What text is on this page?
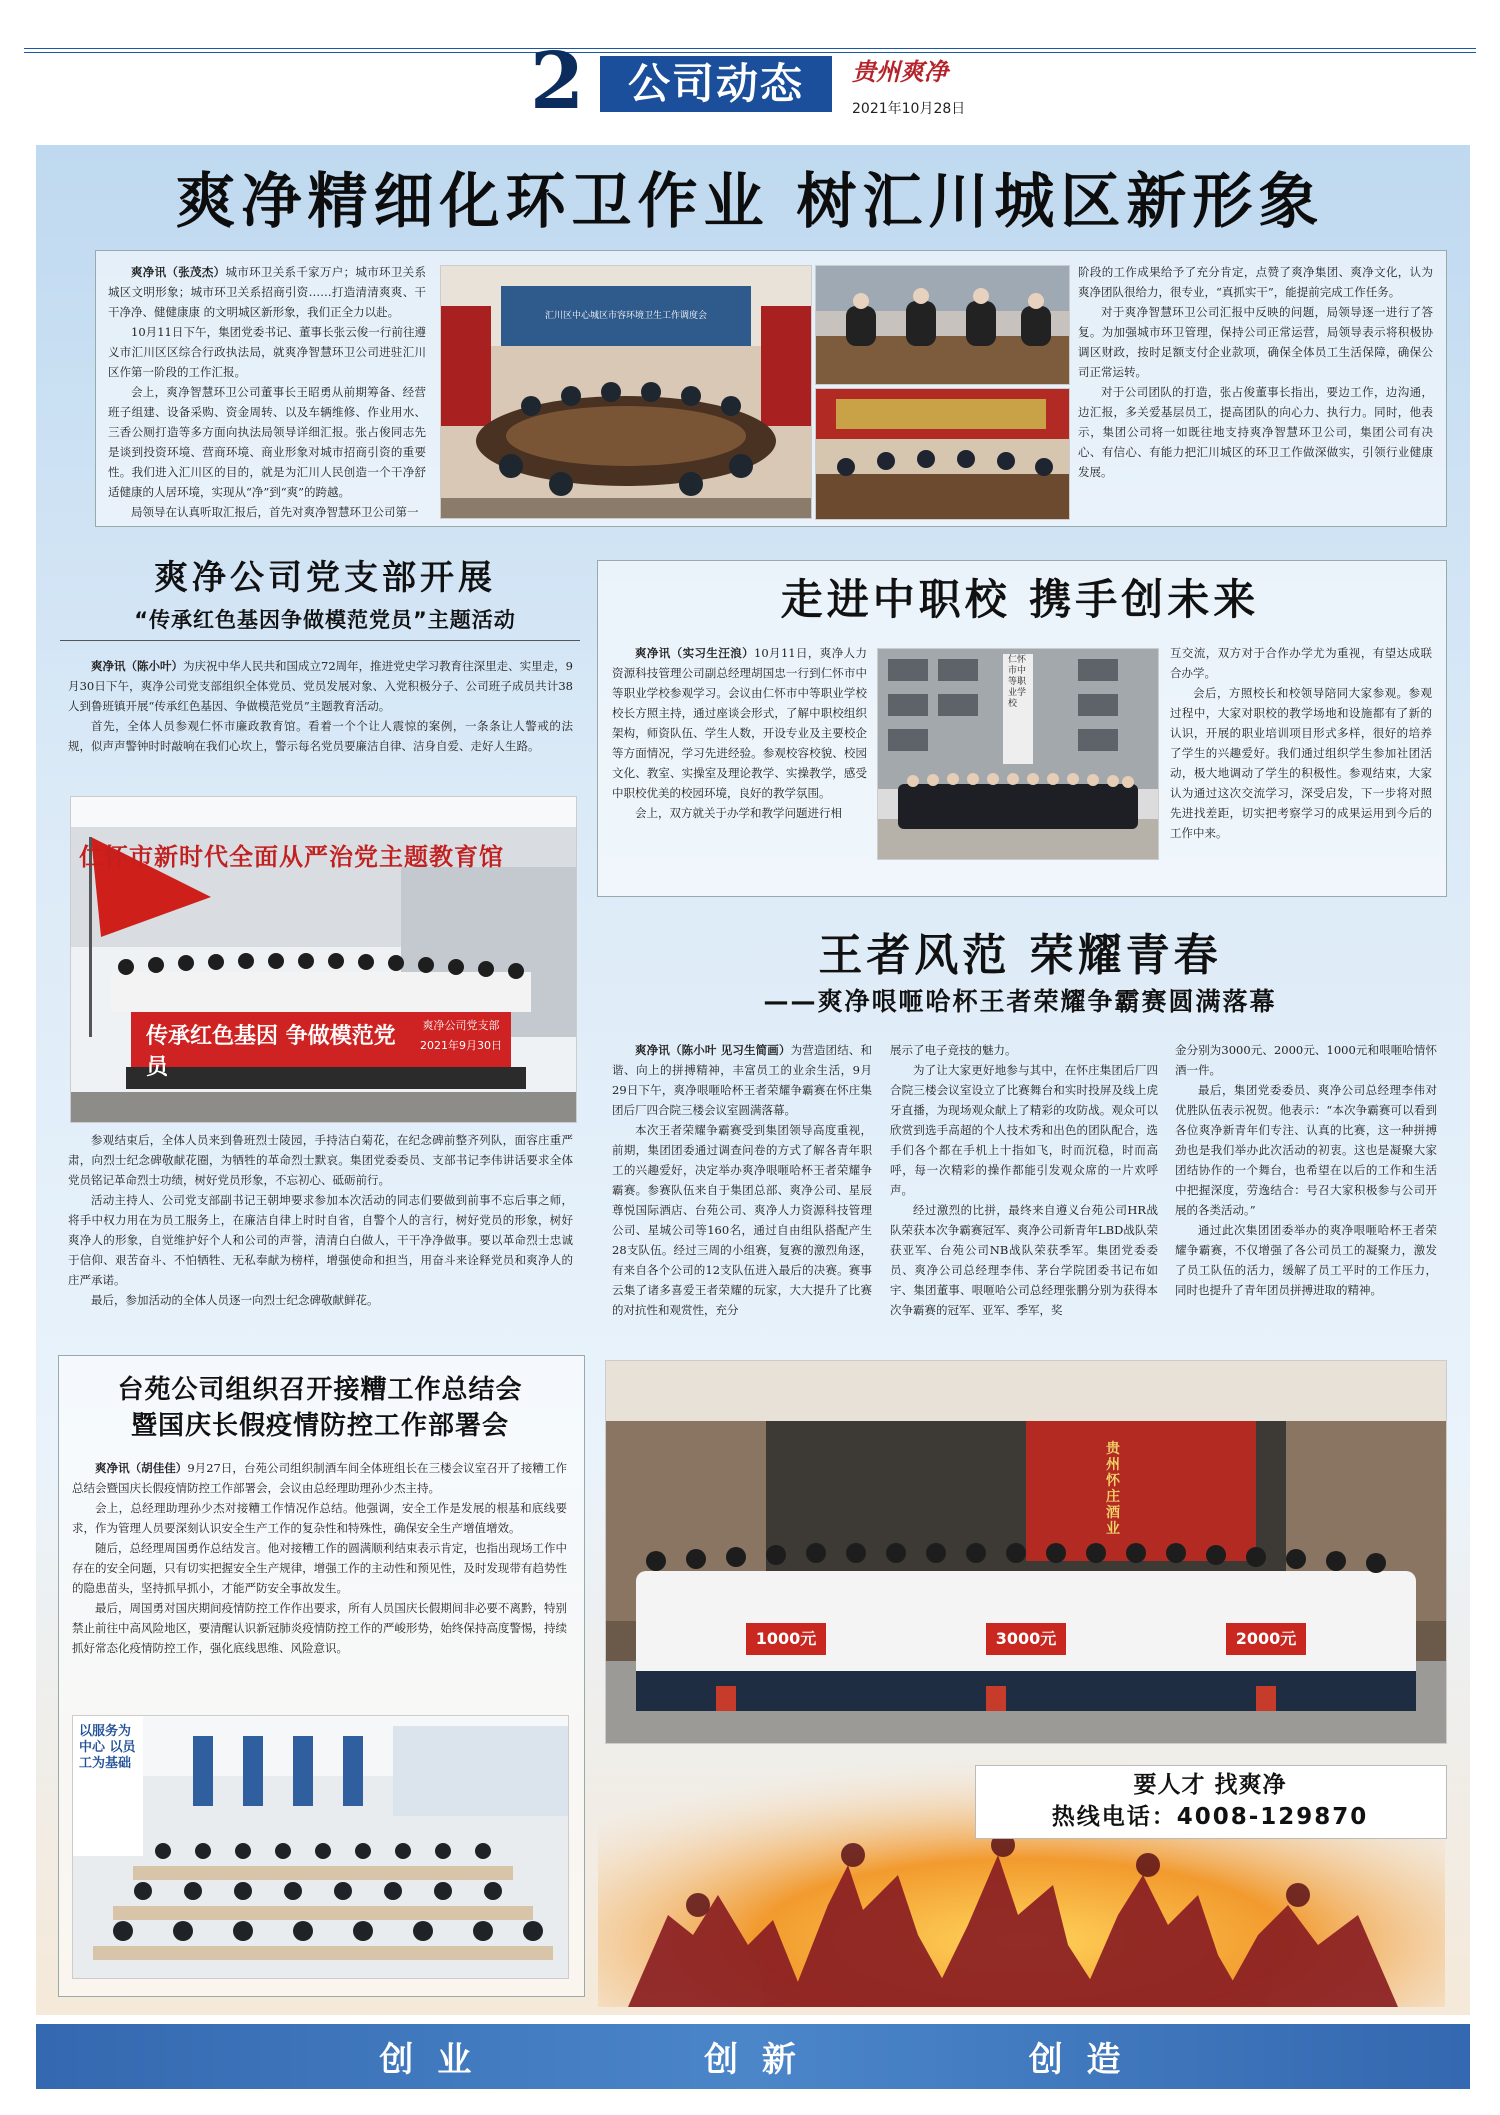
2	公司动态	贵州爽净
2021年10月28日
爽净精细化环卫作业 树汇川城区新形象

爽净讯（张茂杰）城市环卫关系千家万户；城市环卫关系城区文明形象；城市环卫关系招商引资……打造清清爽爽、干干净净、健健康康 的文明城区新形象，我们正全力以赴。

10月11日下午，集团党委书记、董事长张云俊一行前往遵义市汇川区区综合行政执法局，就爽净智慧环卫公司进驻汇川区作第一阶段的工作汇报。

会上，爽净智慧环卫公司董事长王昭勇从前期筹备、经营班子组建、设备采购、资金周转、以及车辆维修、作业用水、三香公厕打造等多方面向执法局领导详细汇报。张占俊同志先是谈到投资环境、营商环境、商业形象对城市招商引资的重要性。我们进入汇川区的目的，就是为汇川人民创造一个干净舒适健康的人居环境，实现从“净”到“爽”的跨越。

局领导在认真听取汇报后，首先对爽净智慧环卫公司第一

汇川区中心城区市容环境卫生工作调度会

阶段的工作成果给予了充分肯定，点赞了爽净集团、爽净文化，认为爽净团队很给力，很专业，“真抓实干”，能提前完成工作任务。

对于爽净智慧环卫公司汇报中反映的问题，局领导逐一进行了答复。为加强城市环卫管理，保持公司正常运营，局领导表示将积极协调区财政，按时足额支付企业款项，确保全体员工生活保障，确保公司正常运转。

对于公司团队的打造，张占俊董事长指出，要边工作，边沟通，边汇报，多关爱基层员工，提高团队的向心力、执行力。同时，他表示，集团公司将一如既往地支持爽净智慧环卫公司，集团公司有决心、有信心、有能力把汇川城区的环卫工作做深做实，引领行业健康发展。

爽净公司党支部开展
“传承红色基因争做模范党员”主题活动

爽净讯（陈小叶）为庆祝中华人民共和国成立72周年，推进党史学习教育往深里走、实里走，9月30日下午，爽净公司党支部组织全体党员、党员发展对象、入党积极分子、公司班子成员共计38人到鲁班镇开展“传承红色基因、争做模范党员”主题教育活动。

首先，全体人员参观仁怀市廉政教育馆。看着一个个让人震惊的案例，一条条让人警戒的法规，似声声警钟时时敲响在我们心坎上，警示每名党员要廉洁自律、洁身自爱、走好人生路。

仁怀市新时代全面从严治党主题教育馆
传承红色基因 争做模范党员
爽净公司党支部
2021年9月30日

参观结束后，全体人员来到鲁班烈士陵园，手持洁白菊花，在纪念碑前整齐列队，面容庄重严肃，向烈士纪念碑敬献花圈，为牺牲的革命烈士默哀。集团党委委员、支部书记李伟讲话要求全体党员铭记革命烈士功绩，树好党员形象，不忘初心、砥砺前行。

活动主持人、公司党支部副书记王朝坤要求参加本次活动的同志们要做到前事不忘后事之师，将手中权力用在为员工服务上，在廉洁自律上时时自省，自警个人的言行，树好党员的形象，树好爽净人的形象，自觉维护好个人和公司的声誉，清清白白做人，干干净净做事。要以革命烈士忠诚于信仰、艰苦奋斗、不怕牺牲、无私奉献为榜样，增强使命和担当，用奋斗来诠释党员和爽净人的庄严承诺。

最后，参加活动的全体人员逐一向烈士纪念碑敬献鲜花。

走进中职校 携手创未来

爽净讯（实习生汪浪）10月11日，爽净人力资源科技管理公司副总经理胡国忠一行到仁怀市中等职业学校参观学习。会议由仁怀市中等职业学校校长方照主持，通过座谈会形式，了解中职校组织架构，师资队伍、学生人数，开设专业及主要校企等方面情况，学习先进经验。参观校容校貌、校园文化、教室、实操室及理论教学、实操教学，感受中职校优美的校园环境，良好的教学氛围。

会上，双方就关于办学和教学问题进行相

仁怀市中等职业学校

互交流，双方对于合作办学尤为重视，有望达成联合办学。

会后，方照校长和校领导陪同大家参观。参观过程中，大家对职校的教学场地和设施都有了新的认识，开展的职业培训项目形式多样，很好的培养了学生的兴趣爱好。我们通过组织学生参加社团活动，极大地调动了学生的积极性。参观结束，大家认为通过这次交流学习，深受启发，下一步将对照先进找差距，切实把考察学习的成果运用到今后的工作中来。

王者风范 荣耀青春
——爽净哏咂哈杯王者荣耀争霸赛圆满落幕

爽净讯（陈小叶 见习生简画）为营造团结、和谐、向上的拼搏精神，丰富员工的业余生活，9月29日下午，爽净哏咂哈杯王者荣耀争霸赛在怀庄集团后厂四合院三楼会议室圆满落幕。

本次王者荣耀争霸赛受到集团领导高度重视，前期，集团团委通过调查问卷的方式了解各青年职工的兴趣爱好，决定举办爽净哏咂哈杯王者荣耀争霸赛。参赛队伍来自于集团总部、爽净公司、星辰尊悦国际酒店、台苑公司、爽净人力资源科技管理公司、星城公司等160名，通过自由组队搭配产生28支队伍。经过三周的小组赛，复赛的激烈角逐，有来自各个公司的12支队伍进入最后的决赛。赛事云集了诸多喜爱王者荣耀的玩家，大大提升了比赛的对抗性和观赏性，充分

展示了电子竞技的魅力。

为了让大家更好地参与其中，在怀庄集团后厂四合院三楼会议室设立了比赛舞台和实时投屏及线上虎牙直播，为现场观众献上了精彩的攻防战。观众可以欣赏到选手高超的个人技术秀和出色的团队配合，选手们各个都在手机上十指如飞，时而沉稳，时而高呼，每一次精彩的操作都能引发观众席的一片欢呼声。

经过激烈的比拼，最终来自遵义台苑公司HR战队荣获本次争霸赛冠军、爽净公司新青年LBD战队荣获亚军、台苑公司NB战队荣获季军。集团党委委员、爽净公司总经理李伟、茅台学院团委书记布如宇、集团董事、哏咂哈公司总经理张鹏分别为获得本次争霸赛的冠军、亚军、季军，奖

金分别为3000元、2000元、1000元和哏咂哈情怀酒一件。

最后，集团党委委员、爽净公司总经理李伟对优胜队伍表示祝贺。他表示：“本次争霸赛可以看到各位爽净新青年们专注、认真的比赛，这一种拼搏劲也是我们举办此次活动的初衷。这也是凝聚大家团结协作的一个舞台，也希望在以后的工作和生活中把握深度，劳逸结合：号召大家积极参与公司开展的各类活动。”

通过此次集团团委举办的爽净哏咂哈杯王者荣耀争霸赛，不仅增强了各公司员工的凝聚力，激发了员工队伍的活力，缓解了员工平时的工作压力，同时也提升了青年团员拼搏进取的精神。

贵州怀庄酒业
1000元	3000元	2000元
台苑公司组织召开接糟工作总结会
暨国庆长假疫情防控工作部署会

爽净讯（胡佳佳）9月27日，台苑公司组织制酒车间全体班组长在三楼会议室召开了接糟工作总结会暨国庆长假疫情防控工作部署会，会议由总经理助理孙少杰主持。

会上，总经理助理孙少杰对接糟工作情况作总结。他强调，安全工作是发展的根基和底线要求，作为管理人员要深刻认识安全生产工作的复杂性和特殊性，确保安全生产增值增效。

随后，总经理周国勇作总结发言。他对接糟工作的圆满顺利结束表示肯定，也指出现场工作中存在的安全问题，只有切实把握安全生产规律，增强工作的主动性和预见性，及时发现带有趋势性的隐患苗头，坚持抓早抓小，才能严防安全事故发生。

最后，周国勇对国庆期间疫情防控工作作出要求，所有人员国庆长假期间非必要不离黔，特别禁止前往中高风险地区，要清醒认识新冠肺炎疫情防控工作的严峻形势，始终保持高度警惕，持续抓好常态化疫情防控工作，强化底线思维、风险意识。

以服务为中心 以员工为基础
要人才 找爽净
热线电话：4008-129870
创 业	创 新	创 造
